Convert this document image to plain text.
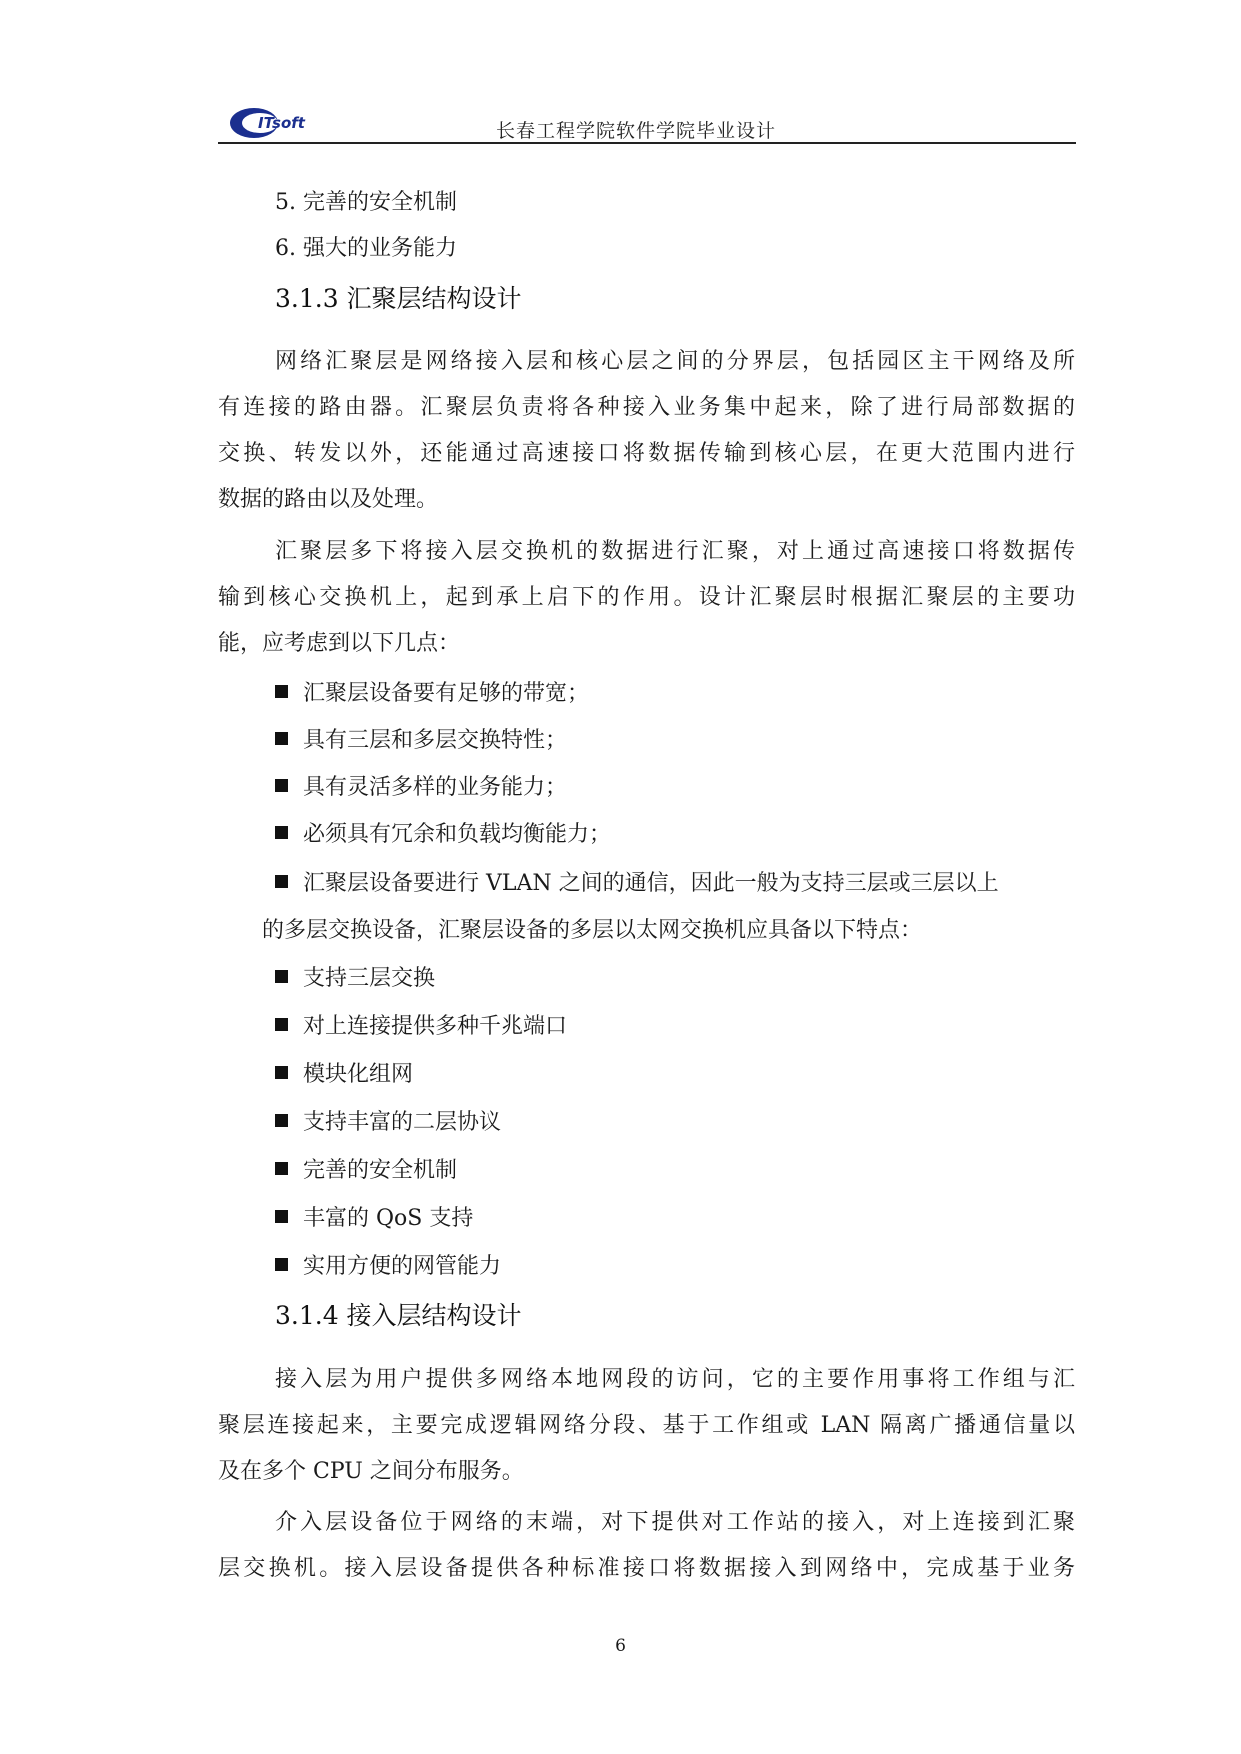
ITsoft	长春工程学院软件学院毕业设计
5. 完善的安全机制
6. 强大的业务能力
3.1.3 汇聚层结构设计
网络汇聚层是网络接入层和核心层之间的分界层，包括园区主干网络及所
有连接的路由器。汇聚层负责将各种接入业务集中起来，除了进行局部数据的
交换、转发以外，还能通过高速接口将数据传输到核心层，在更大范围内进行
数据的路由以及处理。
汇聚层多下将接入层交换机的数据进行汇聚，对上通过高速接口将数据传
输到核心交换机上，起到承上启下的作用。设计汇聚层时根据汇聚层的主要功
能，应考虑到以下几点：
汇聚层设备要有足够的带宽；
具有三层和多层交换特性；
具有灵活多样的业务能力；
必须具有冗余和负载均衡能力；
汇聚层设备要进行 VLAN 之间的通信，因此一般为支持三层或三层以上
的多层交换设备，汇聚层设备的多层以太网交换机应具备以下特点：
支持三层交换
对上连接提供多种千兆端口
模块化组网
支持丰富的二层协议
完善的安全机制
丰富的 QoS 支持
实用方便的网管能力
3.1.4 接入层结构设计
接入层为用户提供多网络本地网段的访问，它的主要作用事将工作组与汇
聚层连接起来，主要完成逻辑网络分段、基于工作组或 LAN 隔离广播通信量以
及在多个 CPU 之间分布服务。
介入层设备位于网络的末端，对下提供对工作站的接入，对上连接到汇聚
层交换机。接入层设备提供各种标准接口将数据接入到网络中，完成基于业务
6
